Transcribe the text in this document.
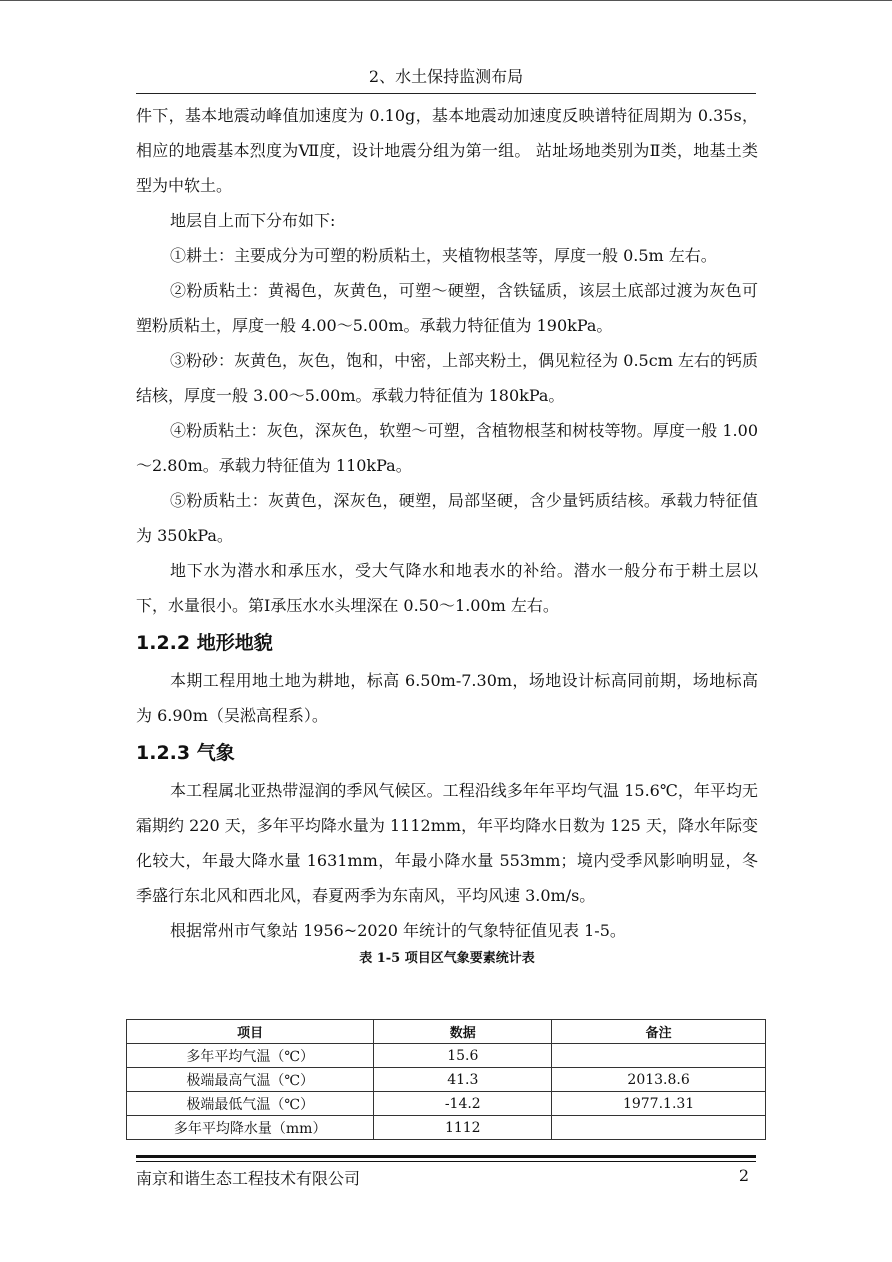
2、水土保持监测布局

件下，基本地震动峰值加速度为 0.10g，基本地震动加速度反映谱特征周期为 0.35s，相应的地震基本烈度为Ⅶ度，设计地震分组为第一组。 站址场地类别为Ⅱ类，地基土类型为中软土。

地层自上而下分布如下:

①耕土：主要成分为可塑的粉质粘土，夹植物根茎等，厚度一般 0.5m 左右。

②粉质粘土：黄褐色，灰黄色，可塑～硬塑，含铁锰质，该层土底部过渡为灰色可塑粉质粘土，厚度一般 4.00～5.00m。承载力特征值为 190kPa。

③粉砂：灰黄色，灰色，饱和，中密，上部夹粉土，偶见粒径为 0.5cm 左右的钙质结核，厚度一般 3.00～5.00m。承载力特征值为 180kPa。

④粉质粘土：灰色，深灰色，软塑～可塑，含植物根茎和树枝等物。厚度一般 1.00～2.80m。承载力特征值为 110kPa。

⑤粉质粘土：灰黄色，深灰色，硬塑，局部坚硬，含少量钙质结核。承载力特征值为 350kPa。

地下水为潜水和承压水，受大气降水和地表水的补给。潜水一般分布于耕土层以下，水量很小。第Ⅰ承压水水头埋深在 0.50～1.00m 左右。

1.2.2 地形地貌

本期工程用地土地为耕地，标高 6.50m-7.30m，场地设计标高同前期，场地标高为 6.90m（吴淞高程系）。

1.2.3 气象

本工程属北亚热带湿润的季风气候区。工程沿线多年年平均气温 15.6℃，年平均无霜期约 220 天，多年平均降水量为 1112mm，年平均降水日数为 125 天，降水年际变化较大，年最大降水量 1631mm，年最小降水量 553mm；境内受季风影响明显，冬季盛行东北风和西北风，春夏两季为东南风，平均风速 3.0m/s。

根据常州市气象站 1956~2020 年统计的气象特征值见表 1-5。

表 1-5 项目区气象要素统计表

项目	数据	备注
多年平均气温（℃）	15.6	
极端最高气温（℃）	41.3	2013.8.6
极端最低气温（℃）	-14.2	1977.1.31
多年平均降水量（mm）	1112	
南京和谐生态工程技术有限公司	2
